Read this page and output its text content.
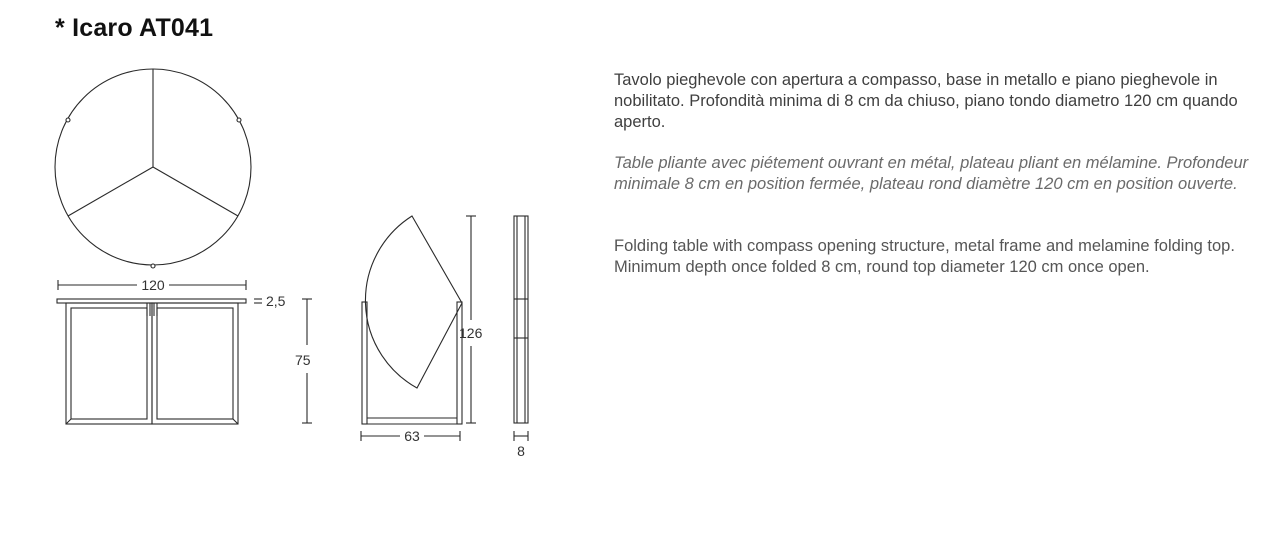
* Icaro AT041
120
2,5
75
126
63
8

Tavolo pieghevole con apertura a compasso, base in metallo e piano pieghevole in nobilitato. Profondità minima di 8 cm da chiuso, piano tondo diametro 120 cm quando aperto.

Table pliante avec piétement ouvrant en métal, plateau pliant en mélamine. Profondeur minimale 8 cm en position fermée, plateau rond diamètre 120 cm en position ouverte.

Folding table with compass opening structure, metal frame and melamine folding top. Minimum depth once folded 8 cm, round top diameter 120 cm once open.
